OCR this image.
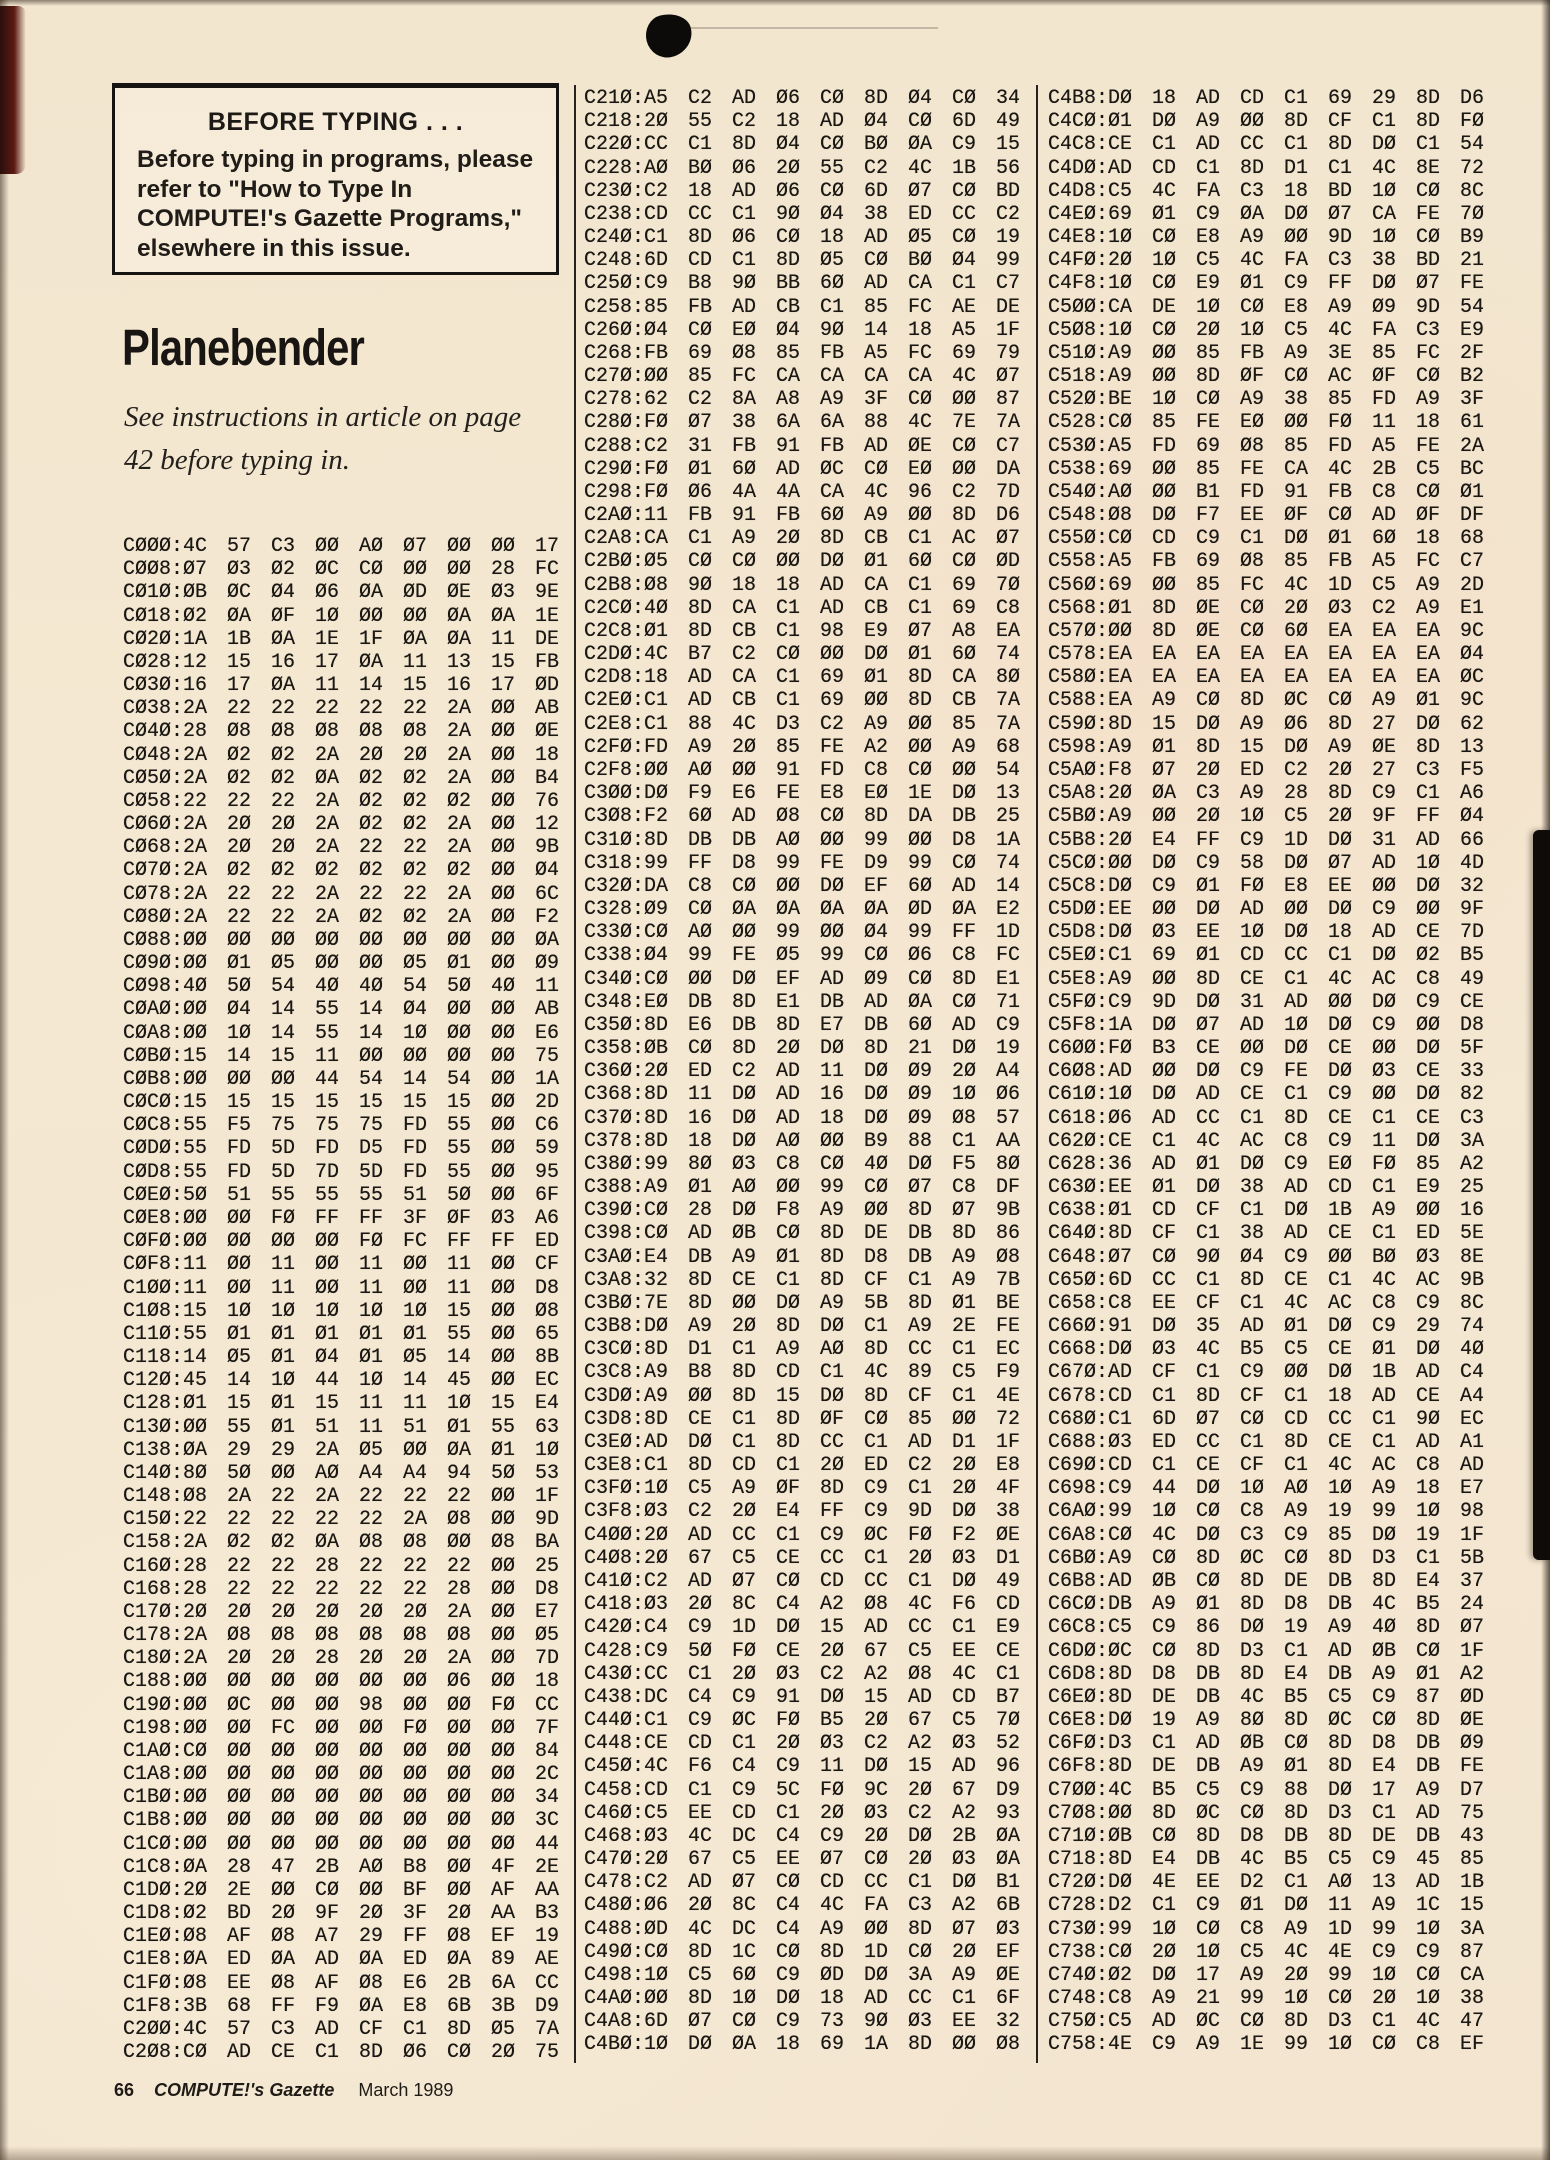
BEFORE TYPING . . .
Before typing in programs, please
refer to "How to Type In
COMPUTE!'s Gazette Programs,"
elsewhere in this issue.
Planebender
See instructions in article on page
42 before typing in.
CØØØ:4C 57 C3 ØØ AØ Ø7 ØØ ØØ 17
CØØ8:Ø7 Ø3 Ø2 ØC CØ ØØ ØØ 28 FC
CØ1Ø:ØB ØC Ø4 Ø6 ØA ØD ØE Ø3 9E
CØ18:Ø2 ØA ØF 1Ø ØØ ØØ ØA ØA 1E
CØ2Ø:1A 1B ØA 1E 1F ØA ØA 11 DE
CØ28:12 15 16 17 ØA 11 13 15 FB
CØ3Ø:16 17 ØA 11 14 15 16 17 ØD
CØ38:2A 22 22 22 22 22 2A ØØ AB
CØ4Ø:28 Ø8 Ø8 Ø8 Ø8 Ø8 2A ØØ ØE
CØ48:2A Ø2 Ø2 2A 2Ø 2Ø 2A ØØ 18
CØ5Ø:2A Ø2 Ø2 ØA Ø2 Ø2 2A ØØ B4
CØ58:22 22 22 2A Ø2 Ø2 Ø2 ØØ 76
CØ6Ø:2A 2Ø 2Ø 2A Ø2 Ø2 2A ØØ 12
CØ68:2A 2Ø 2Ø 2A 22 22 2A ØØ 9B
CØ7Ø:2A Ø2 Ø2 Ø2 Ø2 Ø2 Ø2 ØØ Ø4
CØ78:2A 22 22 2A 22 22 2A ØØ 6C
CØ8Ø:2A 22 22 2A Ø2 Ø2 2A ØØ F2
CØ88:ØØ ØØ ØØ ØØ ØØ ØØ ØØ ØØ ØA
CØ9Ø:ØØ Ø1 Ø5 ØØ ØØ Ø5 Ø1 ØØ Ø9
CØ98:4Ø 5Ø 54 4Ø 4Ø 54 5Ø 4Ø 11
CØAØ:ØØ Ø4 14 55 14 Ø4 ØØ ØØ AB
CØA8:ØØ 1Ø 14 55 14 1Ø ØØ ØØ E6
CØBØ:15 14 15 11 ØØ ØØ ØØ ØØ 75
CØB8:ØØ ØØ ØØ 44 54 14 54 ØØ 1A
CØCØ:15 15 15 15 15 15 15 ØØ 2D
CØC8:55 F5 75 75 75 FD 55 ØØ C6
CØDØ:55 FD 5D FD D5 FD 55 ØØ 59
CØD8:55 FD 5D 7D 5D FD 55 ØØ 95
CØEØ:5Ø 51 55 55 55 51 5Ø ØØ 6F
CØE8:ØØ ØØ FØ FF FF 3F ØF Ø3 A6
CØFØ:ØØ ØØ ØØ ØØ FØ FC FF FF ED
CØF8:11 ØØ 11 ØØ 11 ØØ 11 ØØ CF
C1ØØ:11 ØØ 11 ØØ 11 ØØ 11 ØØ D8
C1Ø8:15 1Ø 1Ø 1Ø 1Ø 1Ø 15 ØØ Ø8
C11Ø:55 Ø1 Ø1 Ø1 Ø1 Ø1 55 ØØ 65
C118:14 Ø5 Ø1 Ø4 Ø1 Ø5 14 ØØ 8B
C12Ø:45 14 1Ø 44 1Ø 14 45 ØØ EC
C128:Ø1 15 Ø1 15 11 11 1Ø 15 E4
C13Ø:ØØ 55 Ø1 51 11 51 Ø1 55 63
C138:ØA 29 29 2A Ø5 ØØ ØA Ø1 1Ø
C14Ø:8Ø 5Ø ØØ AØ A4 A4 94 5Ø 53
C148:Ø8 2A 22 2A 22 22 22 ØØ 1F
C15Ø:22 22 22 22 22 2A Ø8 ØØ 9D
C158:2A Ø2 Ø2 ØA Ø8 Ø8 ØØ Ø8 BA
C16Ø:28 22 22 28 22 22 22 ØØ 25
C168:28 22 22 22 22 22 28 ØØ D8
C17Ø:2Ø 2Ø 2Ø 2Ø 2Ø 2Ø 2A ØØ E7
C178:2A Ø8 Ø8 Ø8 Ø8 Ø8 Ø8 ØØ Ø5
C18Ø:2A 2Ø 2Ø 28 2Ø 2Ø 2A ØØ 7D
C188:ØØ ØØ ØØ ØØ ØØ ØØ Ø6 ØØ 18
C19Ø:ØØ ØC ØØ ØØ 98 ØØ ØØ FØ CC
C198:ØØ ØØ FC ØØ ØØ FØ ØØ ØØ 7F
C1AØ:CØ ØØ ØØ ØØ ØØ ØØ ØØ ØØ 84
C1A8:ØØ ØØ ØØ ØØ ØØ ØØ ØØ ØØ 2C
C1BØ:ØØ ØØ ØØ ØØ ØØ ØØ ØØ ØØ 34
C1B8:ØØ ØØ ØØ ØØ ØØ ØØ ØØ ØØ 3C
C1CØ:ØØ ØØ ØØ ØØ ØØ ØØ ØØ ØØ 44
C1C8:ØA 28 47 2B AØ B8 ØØ 4F 2E
C1DØ:2Ø 2E ØØ CØ ØØ BF ØØ AF AA
C1D8:Ø2 BD 2Ø 9F 2Ø 3F 2Ø AA B3
C1EØ:Ø8 AF Ø8 A7 29 FF Ø8 EF 19
C1E8:ØA ED ØA AD ØA ED ØA 89 AE
C1FØ:Ø8 EE Ø8 AF Ø8 E6 2B 6A CC
C1F8:3B 68 FF F9 ØA E8 6B 3B D9
C2ØØ:4C 57 C3 AD CF C1 8D Ø5 7A
C2Ø8:CØ AD CE C1 8D Ø6 CØ 2Ø 75
C21Ø:A5 C2 AD Ø6 CØ 8D Ø4 CØ 34
C218:2Ø 55 C2 18 AD Ø4 CØ 6D 49
C22Ø:CC C1 8D Ø4 CØ BØ ØA C9 15
C228:AØ BØ Ø6 2Ø 55 C2 4C 1B 56
C23Ø:C2 18 AD Ø6 CØ 6D Ø7 CØ BD
C238:CD CC C1 9Ø Ø4 38 ED CC C2
C24Ø:C1 8D Ø6 CØ 18 AD Ø5 CØ 19
C248:6D CD C1 8D Ø5 CØ BØ Ø4 99
C25Ø:C9 B8 9Ø BB 6Ø AD CA C1 C7
C258:85 FB AD CB C1 85 FC AE DE
C26Ø:Ø4 CØ EØ Ø4 9Ø 14 18 A5 1F
C268:FB 69 Ø8 85 FB A5 FC 69 79
C27Ø:ØØ 85 FC CA CA CA CA 4C Ø7
C278:62 C2 8A A8 A9 3F CØ ØØ 87
C28Ø:FØ Ø7 38 6A 6A 88 4C 7E 7A
C288:C2 31 FB 91 FB AD ØE CØ C7
C29Ø:FØ Ø1 6Ø AD ØC CØ EØ ØØ DA
C298:FØ Ø6 4A 4A CA 4C 96 C2 7D
C2AØ:11 FB 91 FB 6Ø A9 ØØ 8D D6
C2A8:CA C1 A9 2Ø 8D CB C1 AC Ø7
C2BØ:Ø5 CØ CØ ØØ DØ Ø1 6Ø CØ ØD
C2B8:Ø8 9Ø 18 18 AD CA C1 69 7Ø
C2CØ:4Ø 8D CA C1 AD CB C1 69 C8
C2C8:Ø1 8D CB C1 98 E9 Ø7 A8 EA
C2DØ:4C B7 C2 CØ ØØ DØ Ø1 6Ø 74
C2D8:18 AD CA C1 69 Ø1 8D CA 8Ø
C2EØ:C1 AD CB C1 69 ØØ 8D CB 7A
C2E8:C1 88 4C D3 C2 A9 ØØ 85 7A
C2FØ:FD A9 2Ø 85 FE A2 ØØ A9 68
C2F8:ØØ AØ ØØ 91 FD C8 CØ ØØ 54
C3ØØ:DØ F9 E6 FE E8 EØ 1E DØ 13
C3Ø8:F2 6Ø AD Ø8 CØ 8D DA DB 25
C31Ø:8D DB DB AØ ØØ 99 ØØ D8 1A
C318:99 FF D8 99 FE D9 99 CØ 74
C32Ø:DA C8 CØ ØØ DØ EF 6Ø AD 14
C328:Ø9 CØ ØA ØA ØA ØA ØD ØA E2
C33Ø:CØ AØ ØØ 99 ØØ Ø4 99 FF 1D
C338:Ø4 99 FE Ø5 99 CØ Ø6 C8 FC
C34Ø:CØ ØØ DØ EF AD Ø9 CØ 8D E1
C348:EØ DB 8D E1 DB AD ØA CØ 71
C35Ø:8D E6 DB 8D E7 DB 6Ø AD C9
C358:ØB CØ 8D 2Ø DØ 8D 21 DØ 19
C36Ø:2Ø ED C2 AD 11 DØ Ø9 2Ø A4
C368:8D 11 DØ AD 16 DØ Ø9 1Ø Ø6
C37Ø:8D 16 DØ AD 18 DØ Ø9 Ø8 57
C378:8D 18 DØ AØ ØØ B9 88 C1 AA
C38Ø:99 8Ø Ø3 C8 CØ 4Ø DØ F5 8Ø
C388:A9 Ø1 AØ ØØ 99 CØ Ø7 C8 DF
C39Ø:CØ 28 DØ F8 A9 ØØ 8D Ø7 9B
C398:CØ AD ØB CØ 8D DE DB 8D 86
C3AØ:E4 DB A9 Ø1 8D D8 DB A9 Ø8
C3A8:32 8D CE C1 8D CF C1 A9 7B
C3BØ:7E 8D ØØ DØ A9 5B 8D Ø1 BE
C3B8:DØ A9 2Ø 8D DØ C1 A9 2E FE
C3CØ:8D D1 C1 A9 AØ 8D CC C1 EC
C3C8:A9 B8 8D CD C1 4C 89 C5 F9
C3DØ:A9 ØØ 8D 15 DØ 8D CF C1 4E
C3D8:8D CE C1 8D ØF CØ 85 ØØ 72
C3EØ:AD DØ C1 8D CC C1 AD D1 1F
C3E8:C1 8D CD C1 2Ø ED C2 2Ø E8
C3FØ:1Ø C5 A9 ØF 8D C9 C1 2Ø 4F
C3F8:Ø3 C2 2Ø E4 FF C9 9D DØ 38
C4ØØ:2Ø AD CC C1 C9 ØC FØ F2 ØE
C4Ø8:2Ø 67 C5 CE CC C1 2Ø Ø3 D1
C41Ø:C2 AD Ø7 CØ CD CC C1 DØ 49
C418:Ø3 2Ø 8C C4 A2 Ø8 4C F6 CD
C42Ø:C4 C9 1D DØ 15 AD CC C1 E9
C428:C9 5Ø FØ CE 2Ø 67 C5 EE CE
C43Ø:CC C1 2Ø Ø3 C2 A2 Ø8 4C C1
C438:DC C4 C9 91 DØ 15 AD CD B7
C44Ø:C1 C9 ØC FØ B5 2Ø 67 C5 7Ø
C448:CE CD C1 2Ø Ø3 C2 A2 Ø3 52
C45Ø:4C F6 C4 C9 11 DØ 15 AD 96
C458:CD C1 C9 5C FØ 9C 2Ø 67 D9
C46Ø:C5 EE CD C1 2Ø Ø3 C2 A2 93
C468:Ø3 4C DC C4 C9 2Ø DØ 2B ØA
C47Ø:2Ø 67 C5 EE Ø7 CØ 2Ø Ø3 ØA
C478:C2 AD Ø7 CØ CD CC C1 DØ B1
C48Ø:Ø6 2Ø 8C C4 4C FA C3 A2 6B
C488:ØD 4C DC C4 A9 ØØ 8D Ø7 Ø3
C49Ø:CØ 8D 1C CØ 8D 1D CØ 2Ø EF
C498:1Ø C5 6Ø C9 ØD DØ 3A A9 ØE
C4AØ:ØØ 8D 1Ø DØ 18 AD CC C1 6F
C4A8:6D Ø7 CØ C9 73 9Ø Ø3 EE 32
C4BØ:1Ø DØ ØA 18 69 1A 8D ØØ Ø8
C4B8:DØ 18 AD CD C1 69 29 8D D6
C4CØ:Ø1 DØ A9 ØØ 8D CF C1 8D FØ
C4C8:CE C1 AD CC C1 8D DØ C1 54
C4DØ:AD CD C1 8D D1 C1 4C 8E 72
C4D8:C5 4C FA C3 18 BD 1Ø CØ 8C
C4EØ:69 Ø1 C9 ØA DØ Ø7 CA FE 7Ø
C4E8:1Ø CØ E8 A9 ØØ 9D 1Ø CØ B9
C4FØ:2Ø 1Ø C5 4C FA C3 38 BD 21
C4F8:1Ø CØ E9 Ø1 C9 FF DØ Ø7 FE
C5ØØ:CA DE 1Ø CØ E8 A9 Ø9 9D 54
C5Ø8:1Ø CØ 2Ø 1Ø C5 4C FA C3 E9
C51Ø:A9 ØØ 85 FB A9 3E 85 FC 2F
C518:A9 ØØ 8D ØF CØ AC ØF CØ B2
C52Ø:BE 1Ø CØ A9 38 85 FD A9 3F
C528:CØ 85 FE EØ ØØ FØ 11 18 61
C53Ø:A5 FD 69 Ø8 85 FD A5 FE 2A
C538:69 ØØ 85 FE CA 4C 2B C5 BC
C54Ø:AØ ØØ B1 FD 91 FB C8 CØ Ø1
C548:Ø8 DØ F7 EE ØF CØ AD ØF DF
C55Ø:CØ CD C9 C1 DØ Ø1 6Ø 18 68
C558:A5 FB 69 Ø8 85 FB A5 FC C7
C56Ø:69 ØØ 85 FC 4C 1D C5 A9 2D
C568:Ø1 8D ØE CØ 2Ø Ø3 C2 A9 E1
C57Ø:ØØ 8D ØE CØ 6Ø EA EA EA 9C
C578:EA EA EA EA EA EA EA EA Ø4
C58Ø:EA EA EA EA EA EA EA EA ØC
C588:EA A9 CØ 8D ØC CØ A9 Ø1 9C
C59Ø:8D 15 DØ A9 Ø6 8D 27 DØ 62
C598:A9 Ø1 8D 15 DØ A9 ØE 8D 13
C5AØ:F8 Ø7 2Ø ED C2 2Ø 27 C3 F5
C5A8:2Ø ØA C3 A9 28 8D C9 C1 A6
C5BØ:A9 ØØ 2Ø 1Ø C5 2Ø 9F FF Ø4
C5B8:2Ø E4 FF C9 1D DØ 31 AD 66
C5CØ:ØØ DØ C9 58 DØ Ø7 AD 1Ø 4D
C5C8:DØ C9 Ø1 FØ E8 EE ØØ DØ 32
C5DØ:EE ØØ DØ AD ØØ DØ C9 ØØ 9F
C5D8:DØ Ø3 EE 1Ø DØ 18 AD CE 7D
C5EØ:C1 69 Ø1 CD CC C1 DØ Ø2 B5
C5E8:A9 ØØ 8D CE C1 4C AC C8 49
C5FØ:C9 9D DØ 31 AD ØØ DØ C9 CE
C5F8:1A DØ Ø7 AD 1Ø DØ C9 ØØ D8
C6ØØ:FØ B3 CE ØØ DØ CE ØØ DØ 5F
C6Ø8:AD ØØ DØ C9 FE DØ Ø3 CE 33
C61Ø:1Ø DØ AD CE C1 C9 ØØ DØ 82
C618:Ø6 AD CC C1 8D CE C1 CE C3
C62Ø:CE C1 4C AC C8 C9 11 DØ 3A
C628:36 AD Ø1 DØ C9 EØ FØ 85 A2
C63Ø:EE Ø1 DØ 38 AD CD C1 E9 25
C638:Ø1 CD CF C1 DØ 1B A9 ØØ 16
C64Ø:8D CF C1 38 AD CE C1 ED 5E
C648:Ø7 CØ 9Ø Ø4 C9 ØØ BØ Ø3 8E
C65Ø:6D CC C1 8D CE C1 4C AC 9B
C658:C8 EE CF C1 4C AC C8 C9 8C
C66Ø:91 DØ 35 AD Ø1 DØ C9 29 74
C668:DØ Ø3 4C B5 C5 CE Ø1 DØ 4Ø
C67Ø:AD CF C1 C9 ØØ DØ 1B AD C4
C678:CD C1 8D CF C1 18 AD CE A4
C68Ø:C1 6D Ø7 CØ CD CC C1 9Ø EC
C688:Ø3 ED CC C1 8D CE C1 AD A1
C69Ø:CD C1 CE CF C1 4C AC C8 AD
C698:C9 44 DØ 1Ø AØ 1Ø A9 18 E7
C6AØ:99 1Ø CØ C8 A9 19 99 1Ø 98
C6A8:CØ 4C DØ C3 C9 85 DØ 19 1F
C6BØ:A9 CØ 8D ØC CØ 8D D3 C1 5B
C6B8:AD ØB CØ 8D DE DB 8D E4 37
C6CØ:DB A9 Ø1 8D D8 DB 4C B5 24
C6C8:C5 C9 86 DØ 19 A9 4Ø 8D Ø7
C6DØ:ØC CØ 8D D3 C1 AD ØB CØ 1F
C6D8:8D D8 DB 8D E4 DB A9 Ø1 A2
C6EØ:8D DE DB 4C B5 C5 C9 87 ØD
C6E8:DØ 19 A9 8Ø 8D ØC CØ 8D ØE
C6FØ:D3 C1 AD ØB CØ 8D D8 DB Ø9
C6F8:8D DE DB A9 Ø1 8D E4 DB FE
C7ØØ:4C B5 C5 C9 88 DØ 17 A9 D7
C7Ø8:ØØ 8D ØC CØ 8D D3 C1 AD 75
C71Ø:ØB CØ 8D D8 DB 8D DE DB 43
C718:8D E4 DB 4C B5 C5 C9 45 85
C72Ø:DØ 4E EE D2 C1 AØ 13 AD 1B
C728:D2 C1 C9 Ø1 DØ 11 A9 1C 15
C73Ø:99 1Ø CØ C8 A9 1D 99 1Ø 3A
C738:CØ 2Ø 1Ø C5 4C 4E C9 C9 87
C74Ø:Ø2 DØ 17 A9 2Ø 99 1Ø CØ CA
C748:C8 A9 21 99 1Ø CØ 2Ø 1Ø 38
C75Ø:C5 AD ØC CØ 8D D3 C1 4C 47
C758:4E C9 A9 1E 99 1Ø CØ C8 EF
66 COMPUTE!'s Gazette March 1989
